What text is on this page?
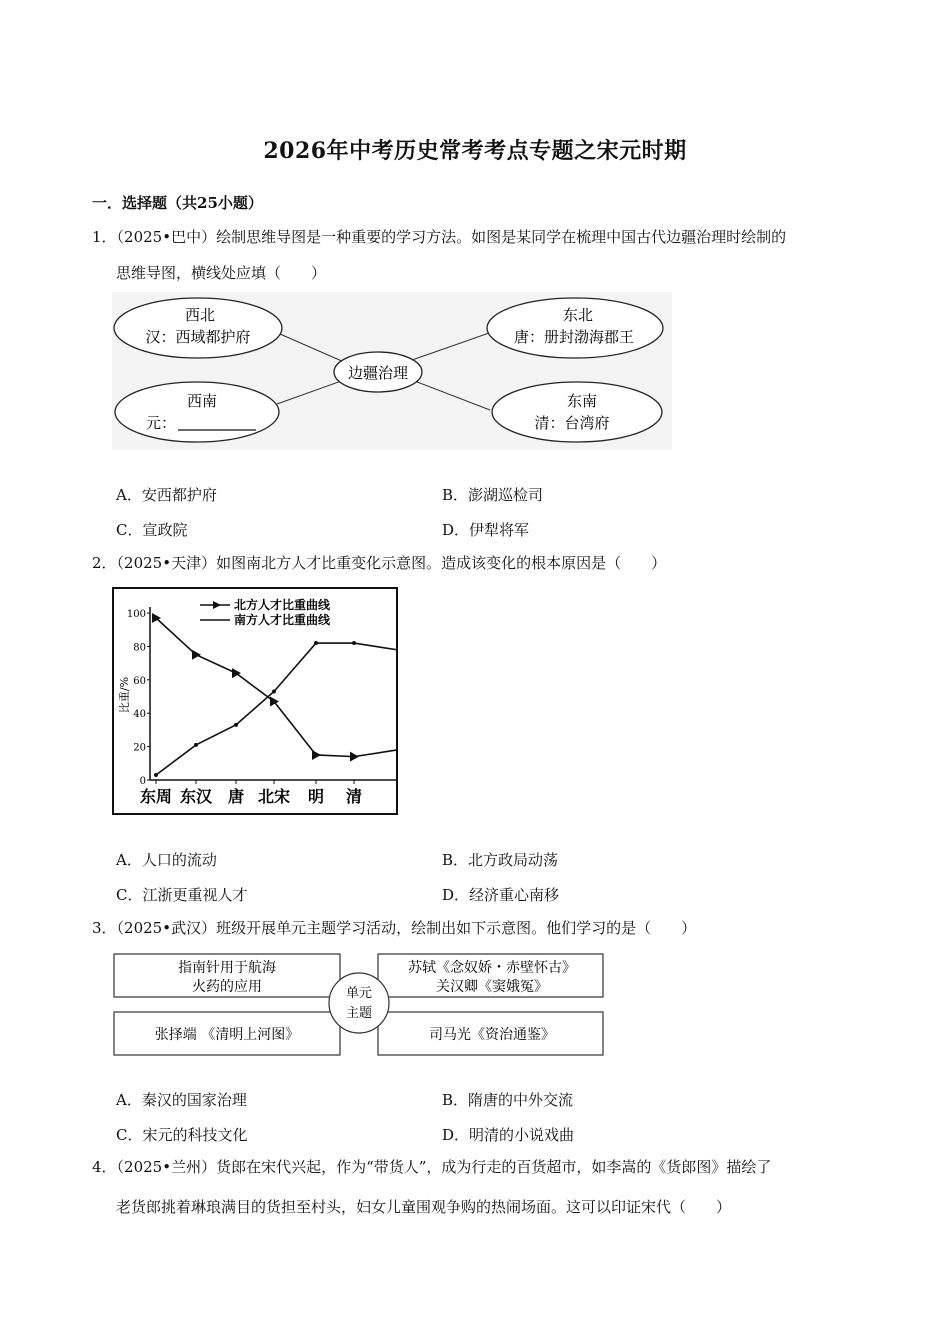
2026年中考历史常考考点专题之宋元时期
一．选择题（共25小题）
1．（2025•巴中）绘制思维导图是一种重要的学习方法。如图是某同学在梳理中国古代边疆治理时绘制的
思维导图，横线处应填（　　）
边疆治理
西北
汉：西域都护府
东北
唐：册封渤海郡王
西南
元：
东南
清：台湾府
A．安西都护府	B．澎湖巡检司
C．宣政院	D．伊犁将军
2．（2025•天津）如图南北方人才比重变化示意图。造成该变化的根本原因是（　　）
比重/%
北方人才比重曲线
南方人才比重曲线
0
20
40
60
80
100
东周 东汉 唐 北宋 明 清
A．人口的流动	B．北方政局动荡
C．江浙更重视人才	D．经济重心南移
3．（2025•武汉）班级开展单元主题学习活动，绘制出如下示意图。他们学习的是（　　）
指南针用于航海
火药的应用
苏轼《念奴娇・赤壁怀古》
关汉卿《窦娥冤》
张择端 《清明上河图》	司马光《资治通鉴》
单元
主题
A．秦汉的国家治理	B．隋唐的中外交流
C．宋元的科技文化	D．明清的小说戏曲
4．（2025•兰州）货郎在宋代兴起，作为“带货人”，成为行走的百货超市，如李嵩的《货郎图》描绘了
老货郎挑着琳琅满目的货担至村头，妇女儿童围观争购的热闹场面。这可以印证宋代（　　）
